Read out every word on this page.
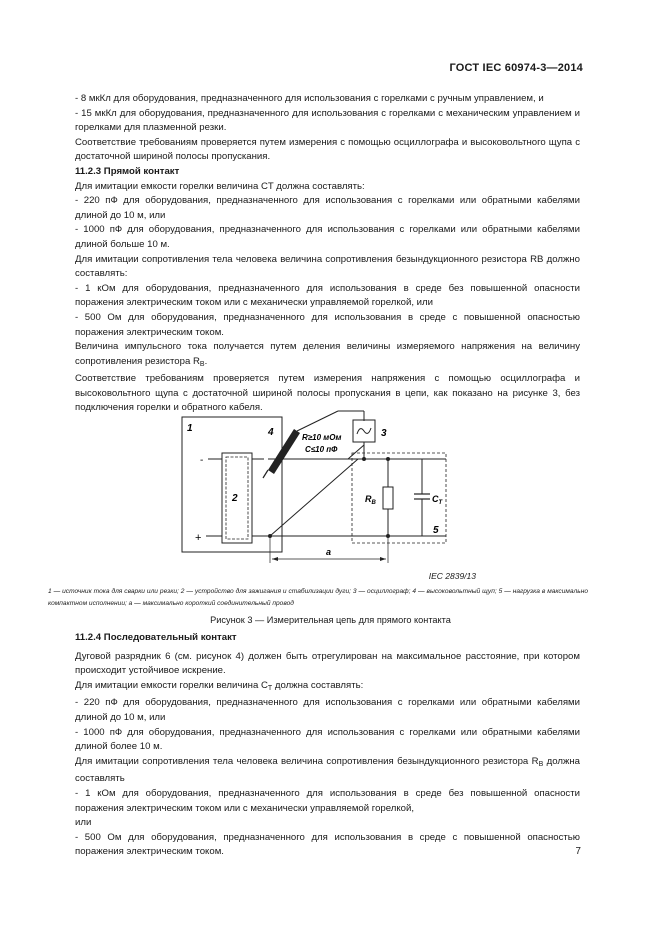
ГОСТ IEC 60974-3—2014

- 8 мкКл для оборудования, предназначенного для использования с горелками с ручным управлением, и

- 15 мкКл для оборудования, предназначенного для использования с горелками с механическим управлением и горелками для плазменной резки.

Соответствие требованиям проверяется путем измерения с помощью осциллографа и высоковольтного щупа с достаточной шириной полосы пропускания.

11.2.3 Прямой контакт

Для имитации емкости горелки величина CT должна составлять:

- 220 пФ для оборудования, предназначенного для использования с горелками или обратными кабелями длиной до 10 м, или

- 1000 пФ для оборудования, предназначенного для использования с горелками или обратными кабелями длиной больше 10 м.

Для имитации сопротивления тела человека величина сопротивления безындукционного резистора RB должно составлять:

- 1 кОм для оборудования, предназначенного для использования в среде без повышенной опасности поражения электрическим током или с механически управляемой горелкой, или

- 500 Ом для оборудования, предназначенного для использования в среде с повышенной опасностью поражения электрическим током.

Величина импульсного тока получается путем деления величины измеряемого напряжения на величину сопротивления резистора $R_B$.

Соответствие требованиям проверяется путем измерения напряжения с помощью осциллографа и высоковольтного щупа с достаточной шириной полосы пропускания в цепи, как показано на рисунке 3, без подключения горелки и обратного кабеля.

1
2
-
+
4	R≥10 мОм
C≤10 пФ
3
$R_B$	$C_T$
5
a
IEC 2839/13
1 — источник тока для сварки или резки; 2 — устройство для зажигания и стабилизации дуги; 3 — осциллограф; 4 — высоковольтный щуп; 5 — нагрузка в максимально компактном исполнении; a — максимально короткий соединительный провод
Рисунок 3 — Измерительная цепь для прямого контакта

11.2.4 Последовательный контакт

Дуговой разрядник 6 (см. рисунок 4) должен быть отрегулирован на максимальное расстояние, при котором происходит устойчивое искрение.

Для имитации емкости горелки величина $C_T$ должна составлять:

- 220 пФ для оборудования, предназначенного для использования с горелками или обратными кабелями длиной до 10 м, или

- 1000 пФ для оборудования, предназначенного для использования с горелками или обратными кабелями длиной более 10 м.

Для имитации сопротивления тела человека величина сопротивления безындукционного резистора $R_B$ должна составлять

- 1 кОм для оборудования, предназначенного для использования в среде без повышенной опасности поражения электрическим током или с механически управляемой горелкой,

или

- 500 Ом для оборудования, предназначенного для использования в среде с повышенной опасностью поражения электрическим током.	7
